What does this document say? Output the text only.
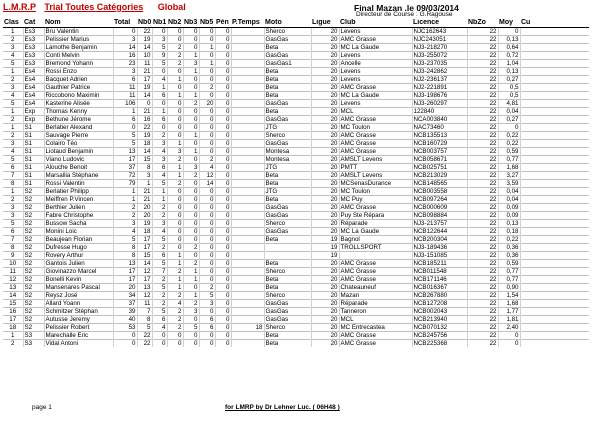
L.M.R.P Trial Toutes Catégories Global	Final Mazan .le 09/03/2014
Directeur de Course : G.Ragouse
Clas	Cat	Nom	Total	Nb0	Nb1	Nb2	Nb3	Nb5	Pén	P.Temps	Moto	Ligue	Club	Licence	NbZo	Moy	Cu
1	Es3	Bru Valentin	0	22	0	0	0	0	0		Sherco	20	Levens	NJC162643	22	0	
2	Es3	Pelissier Marius	3	19	3	0	0	0	0		GasGas	20	AMC Grasse	NJC243051	22	0,13	
3	Es3	Lamothe Benjamin	14	14	5	2	0	1	0		Beta	20	MC La Gaude	NJ3-218270	22	0,64	
4	Es3	Conti Melvin	16	10	9	2	1	0	0		GasGas	20	Levens	NJ3-255072	22	0,72	
5	Es3	Bremond Yohann	23	11	5	2	3	1	0		GasGas1	20	Ancelle	NJ3-237035	22	1,04	
1	Es4	Rossi Enzo	3	21	0	0	1	0	0		Beta	20	Levens	NJ3-242862	22	0,13	
2	Es4	Bacquet Adrien	6	17	4	1	0	0	0		Beta	20	Levens	NJ2-236137	22	0,27	
3	Es4	Gauthier Patrice	11	19	1	0	0	2	0		Beta	20	AMC Grasse	NJ2-221891	22	0,5	
4	Es4	Riccobono Maximin	11	14	6	1	1	0	0		Beta	20	MC La Gaude	NJ3-198676	22	0,5	
5	Es4	Kasterine Alisée	106	0	0	0	2	20	0		GasGas	20	Levens	NJ3-260297	22	4,81	
1	Exp	Thomas Kenny	1	21	1	0	0	0	0		Beta	20	MCL	122840	22	0,04	
2	Exp	Bethune Jérome	6	16	6	0	0	0	0		GasGas	20	AMC Grasse	NCA003840	22	0,27	
1	S1	Berlatier Alexand	0	22	0	0	0	0	0		JTG	20	MC Toulon	NAC73460	22	0	
2	S1	Sauvage Pierre	5	19	2	0	1	0	0		Sherco	20	AMC Grasse	NCB135513	22	0,22	
3	S1	Colairo Téo	5	18	3	1	0	0	0		GasGas	20	AMC Grasse	NCB160729	22	0,22	
4	S1	Liotaud Benjamin	13	14	4	3	1	0	0		Montesa	20	AMC Grasse	NCB003757	22	0,59	
5	S1	Viano Ludovic	17	15	3	2	0	2	0		Montesa	20	AMSLT Levens	NCB058671	22	0,77	
6	S1	Alouche Benoit	37	8	6	1	3	4	0		JTG	20	PMTT	NCB025751	22	1,68	
7	S1	Marsallia Stéphane	72	3	4	1	2	12	0		Beta	20	AMSLT Levens	NCB213029	22	3,27	
8	S1	Rossi Valentin	79	1	5	2	0	14	0		Beta	20	MCSenasDurance	NCB148565	22	3,59	
1	S2	Berlatier Philipp	1	21	1	0	0	0	0		JTG	20	MC Toulon	NCB003558	22	0,04	
2	S2	Meiffren P.Vincen	1	21	1	0	0	0	0		Beta	20	MC Puy	NCB097264	22	0,04	
3	S2	Berthier Julien	2	20	2	0	0	0	0		GasGas	20	AMC Grasse	NCB000609	22	0,09	
3	S2	Fabre Christophe	2	20	2	0	0	0	0		GasGas	20	Puy Ste Répara	NCB098884	22	0,09	
5	S2	Bussow Sacha	3	19	3	0	0	0	0		Sherco	20	Réparade	NJ3-213757	22	0,13	
6	S2	Monini Loic	4	18	4	0	0	0	0		GasGas	20	MC La Gaude	NCB122644	22	0,18	
7	S2	Beaujean Florian	5	17	5	0	0	0	0		Beta	19	Bagnol	NCB200304	22	0,22	
8	S2	Dufresse Hugo	8	17	2	0	2	0	0			19	TROLLSPORT	NJ3-189436	22	0,36	
9	S2	Rovery Arthur	8	15	6	1	0	0	0			19		NJ3-151085	22	0,36	
10	S2	Gantois Julien	13	14	5	1	2	0	0		Beta	20	AMC Grasse	NCB185211	22	0,59	
11	S2	Giovinazzo Marcel	17	12	7	2	1	0	0		Sherco	20	AMC Grasse	NCB011548	22	0,77	
12	S2	Bonelli Kevin	17	17	2	1	1	0	0		Beta	20	AMC Grasse	NCB171146	22	0,77	
13	S2	Mansenares Pascal	20	13	5	1	0	2	0		Beta	20	Chateauneuf	NCB016367	22	0,90	
14	S2	Reysz José	34	12	2	2	1	5	0		Sherco	20	Mazan	NCB267880	22	1,54	
15	S2	Allard Yoann	37	11	2	4	2	3	0		GasGas	20	Réparade	NCB127208	22	1,68	
16	S2	Schmitzer Stéphan	39	7	5	2	3	0	0		GasGas	20	Tanneron	NCB002043	22	1,77	
17	S2	Autusse Jeremy	40	8	6	2	0	6	0		GasGas	20	MCL	NCB213940	22	1,81	
18	S2	Pelissier Robert	53	5	4	2	5	6	0	18	Sherco	20	MC Entrecastea	NCB070132	22	2,40	
1	S3	Marechalle Eric	0	22	0	0	0	0	0		Beta	20	AMC Grasse	NCB245756	22	0	
2	S3	Vidal Antoni	0	22	0	0	0	0	0		Beta	20	AMC Grasse	NCB225368	22	0	
page 1	for LMRP by Dr Lehner Luc. ( 06H48 )
